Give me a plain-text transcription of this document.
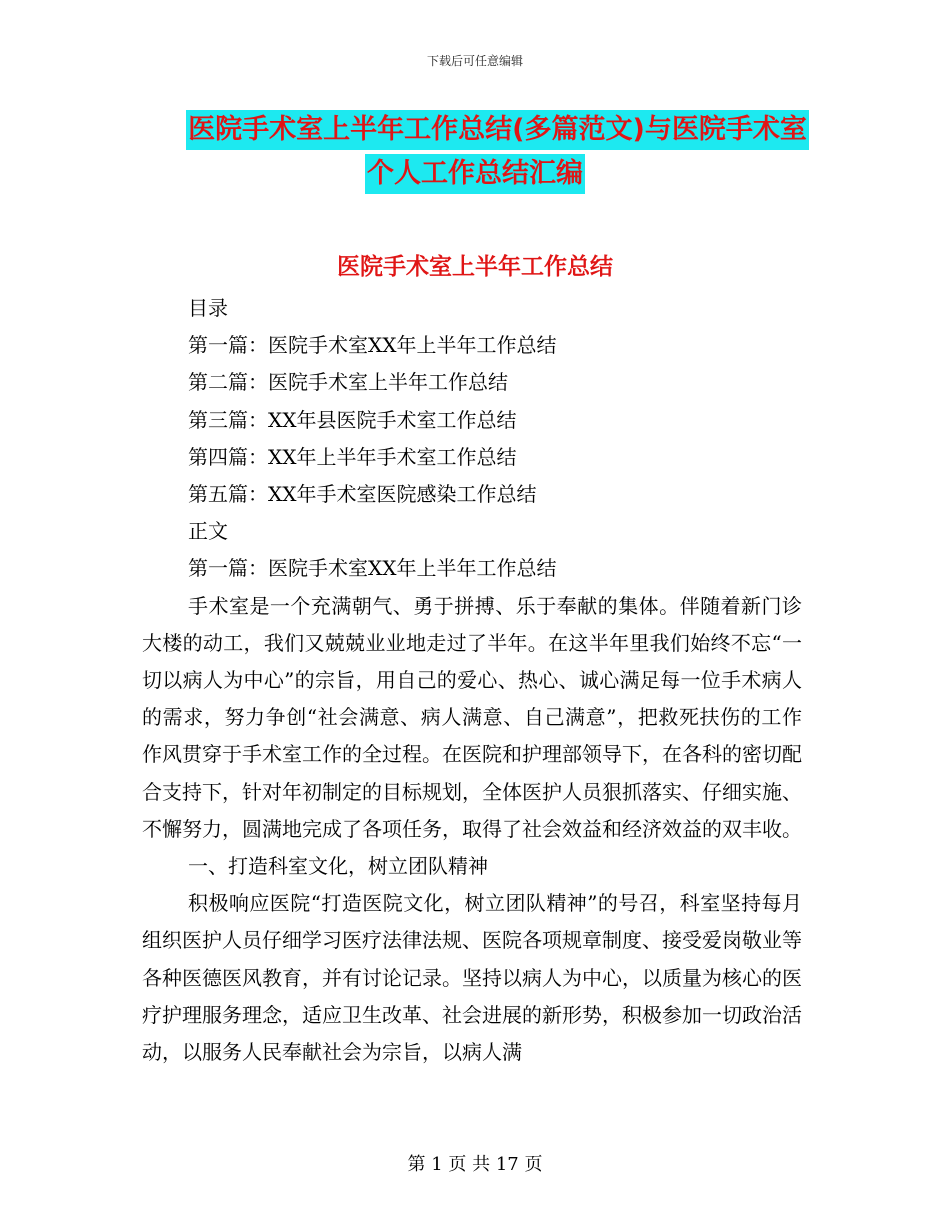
下载后可任意编辑
医院手术室上半年工作总结(多篇范文)与医院手术室
个人工作总结汇编
医院手术室上半年工作总结
目录
第一篇：医院手术室XX年上半年工作总结
第二篇：医院手术室上半年工作总结
第三篇：XX年县医院手术室工作总结
第四篇：XX年上半年手术室工作总结
第五篇：XX年手术室医院感染工作总结
正文
第一篇：医院手术室XX年上半年工作总结
手术室是一个充满朝气、勇于拼搏、乐于奉献的集体。伴随着新门诊大楼的动工，我们又兢兢业业地走过了半年。在这半年里我们始终不忘“一切以病人为中心”的宗旨，用自己的爱心、热心、诚心满足每一位手术病人的需求，努力争创“社会满意、病人满意、自己满意”，把救死扶伤的工作作风贯穿于手术室工作的全过程。在医院和护理部领导下，在各科的密切配合支持下，针对年初制定的目标规划，全体医护人员狠抓落实、仔细实施、不懈努力，圆满地完成了各项任务，取得了社会效益和经济效益的双丰收。
一、打造科室文化，树立团队精神
积极响应医院“打造医院文化，树立团队精神”的号召，科室坚持每月组织医护人员仔细学习医疗法律法规、医院各项规章制度、接受爱岗敬业等各种医德医风教育，并有讨论记录。坚持以病人为中心，以质量为核心的医疗护理服务理念，适应卫生改革、社会进展的新形势，积极参加一切政治活动，以服务人民奉献社会为宗旨，以病人满
第 1 页 共 17 页
